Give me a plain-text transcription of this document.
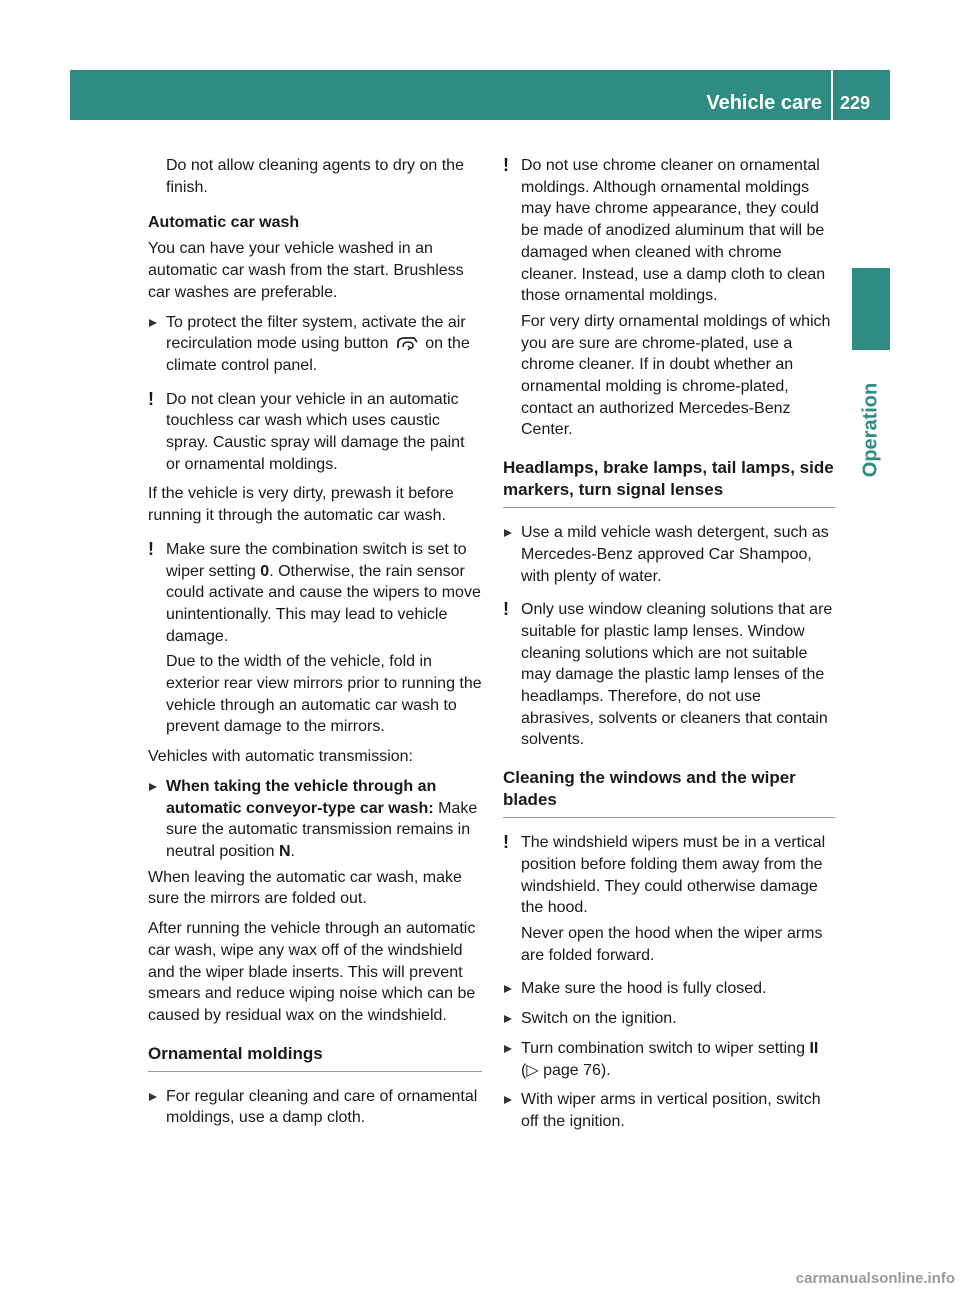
Vehicle care 229
Operation

Do not allow cleaning agents to dry on the finish.

Automatic car wash

You can have your vehicle washed in an automatic car wash from the start. Brushless car washes are preferable.

To protect the filter system, activate the air recirculation mode using button on the climate control panel.
! Do not clean your vehicle in an automatic touchless car wash which uses caustic spray. Caustic spray will damage the paint or ornamental moldings.

If the vehicle is very dirty, prewash it before running it through the automatic car wash.

! Make sure the combination switch is set to wiper setting 0. Otherwise, the rain sensor could activate and cause the wipers to move unintentionally. This may lead to vehicle damage.

Due to the width of the vehicle, fold in exterior rear view mirrors prior to running the vehicle through an automatic car wash to prevent damage to the mirrors.

Vehicles with automatic transmission:

When taking the vehicle through an automatic conveyor-type car wash: Make sure the automatic transmission remains in neutral position N.

When leaving the automatic car wash, make sure the mirrors are folded out.

After running the vehicle through an automatic car wash, wipe any wax off of the windshield and the wiper blade inserts. This will prevent smears and reduce wiping noise which can be caused by residual wax on the windshield.

Ornamental moldings
For regular cleaning and care of ornamental moldings, use a damp cloth.
! Do not use chrome cleaner on ornamental moldings. Although ornamental moldings may have chrome appearance, they could be made of anodized aluminum that will be damaged when cleaned with chrome cleaner. Instead, use a damp cloth to clean those ornamental moldings.

For very dirty ornamental moldings of which you are sure are chrome-plated, use a chrome cleaner. If in doubt whether an ornamental molding is chrome-plated, contact an authorized Mercedes-Benz Center.

Headlamps, brake lamps, tail lamps, side markers, turn signal lenses
Use a mild vehicle wash detergent, such as Mercedes-Benz approved Car Shampoo, with plenty of water.
! Only use window cleaning solutions that are suitable for plastic lamp lenses. Window cleaning solutions which are not suitable may damage the plastic lamp lenses of the headlamps. Therefore, do not use abrasives, solvents or cleaners that contain solvents.
Cleaning the windows and the wiper blades
! The windshield wipers must be in a vertical position before folding them away from the windshield. They could otherwise damage the hood.

Never open the hood when the wiper arms are folded forward.

Make sure the hood is fully closed.
Switch on the ignition.
Turn combination switch to wiper setting II (▷ page 76).
With wiper arms in vertical position, switch off the ignition.
carmanualsonline.info
